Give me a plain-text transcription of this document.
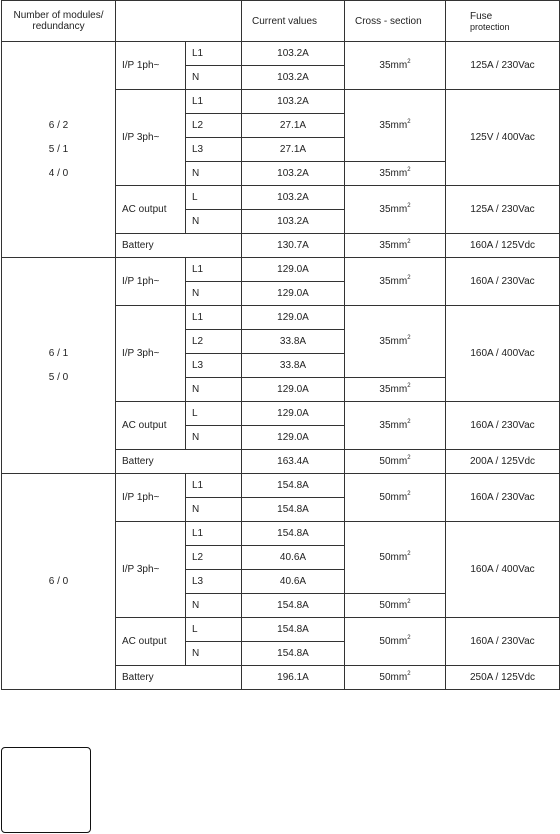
Number of modules/
redundancy			Current values	Cross - section	Fuse
protection

6 / 2
5 / 1
4 / 0	I/P 1ph~	L1	103.2A	$35mm^2$	125A / 230Vac
		N	103.2A		
	I/P 3ph~	L1	103.2A	$35mm^2$	125V / 400Vac
		L2	27.1A		
		L3	27.1A		
		N	103.2A	$35mm^2$
	AC output	L	103.2A	$35mm^2$	125A / 230Vac
		N	103.2A		
	Battery		130.7A	$35mm^2$	160A / 125Vdc

6 / 1
5 / 0	I/P 1ph~	L1	129.0A	$35mm^2$	160A / 230Vac
		N	129.0A		
	I/P 3ph~	L1	129.0A	$35mm^2$	160A / 400Vac
		L2	33.8A		
		L3	33.8A		
		N	129.0A	$35mm^2$
	AC output	L	129.0A	$35mm^2$	160A / 230Vac
		N	129.0A		
	Battery		163.4A	$50mm^2$	200A / 125Vdc

6 / 0	I/P 1ph~	L1	154.8A	$50mm^2$	160A / 230Vac
		N	154.8A		
	I/P 3ph~	L1	154.8A	$50mm^2$	160A / 400Vac
		L2	40.6A		
		L3	40.6A		
		N	154.8A	$50mm^2$
	AC output	L	154.8A	$50mm^2$	160A / 230Vac
		N	154.8A		
	Battery		196.1A	$50mm^2$	250A / 125Vdc
